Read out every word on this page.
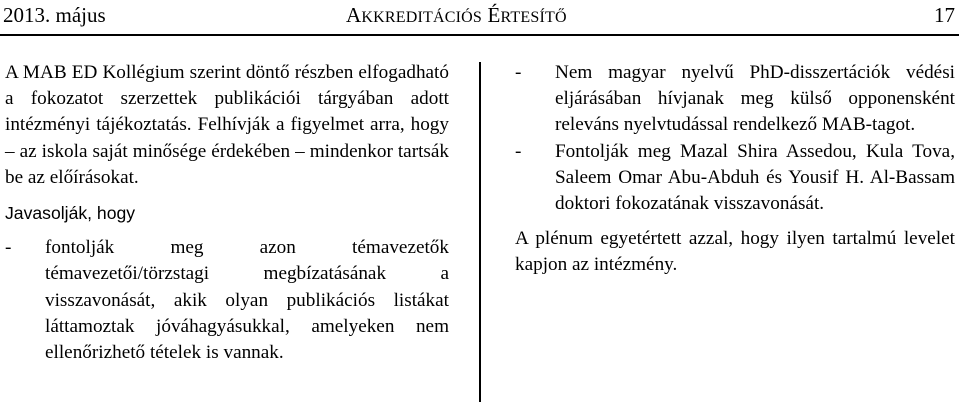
2013. május	AKKREDITÁCIÓS ÉRTESÍTŐ	17

A MAB ED Kollégium szerint döntő részben elfogadható a fokozatot szerzettek publikációi tárgyában adott intézményi tájékoztatás. Felhívják a figyelmet arra, hogy – az iskola saját minősége érdekében – mindenkor tartsák be az előírásokat.

Javasolják, hogy

- fontolják meg azon témavezetők témavezetői/törzstagi megbízatásának a visszavonását, akik olyan publikációs listákat láttamoztak jóváhagyásukkal, amelyeken nem ellenőrizhető tételek is vannak.

- Nem magyar nyelvű PhD-disszertációk védési eljárásában hívjanak meg külső opponensként releváns nyelvtudással rendelkező MAB-tagot.

- Fontolják meg Mazal Shira Assedou, Kula Tova, Saleem Omar Abu-Abduh és Yousif H. Al-Bassam doktori fokozatának visszavonását.

A plénum egyetértett azzal, hogy ilyen tartalmú levelet kapjon az intézmény.
